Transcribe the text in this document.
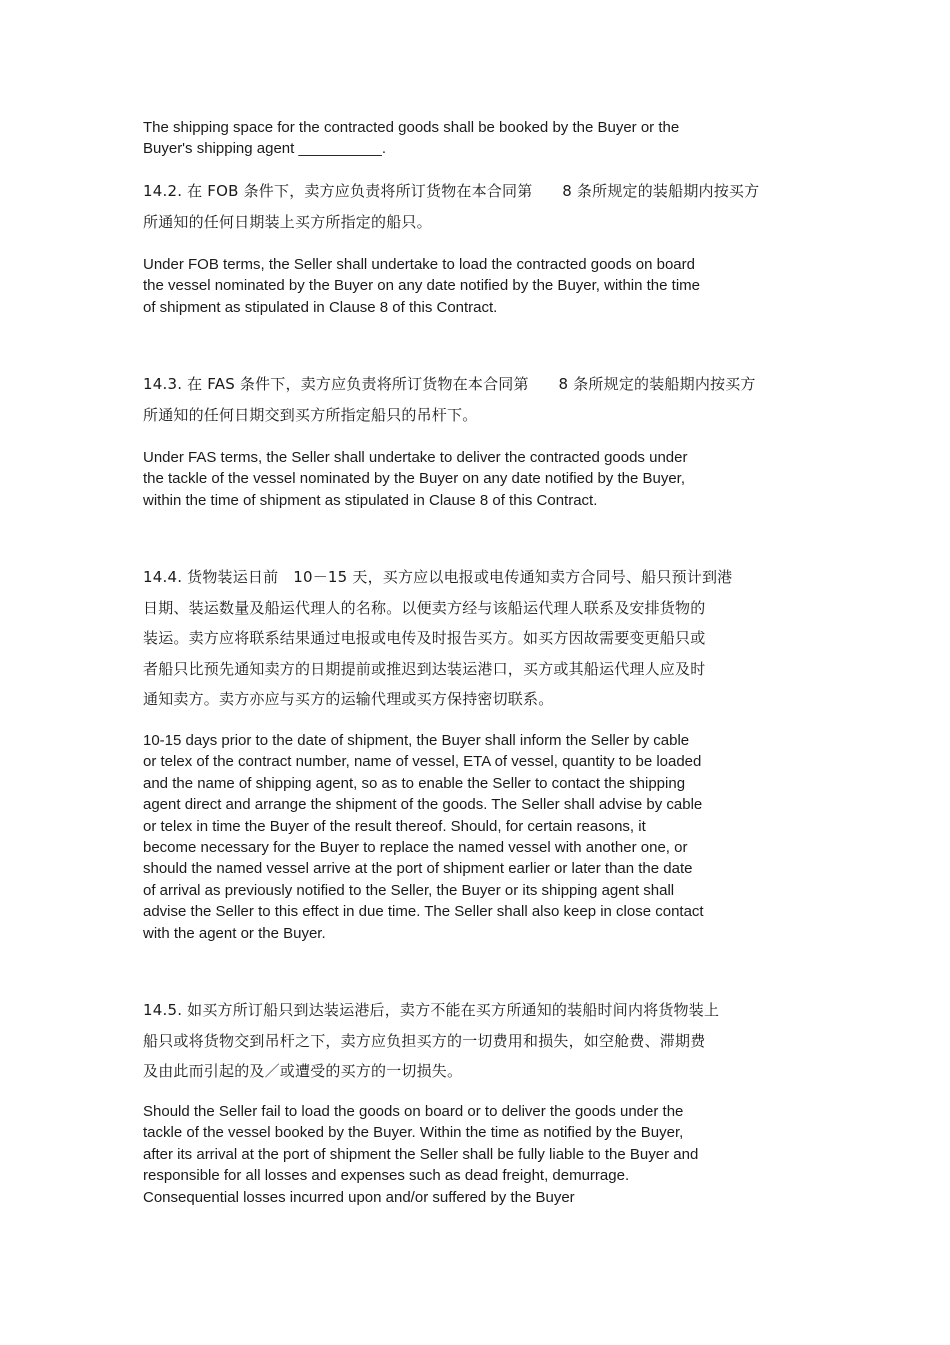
The shipping space for the contracted goods shall be booked by the Buyer or the
Buyer's shipping agent __________.

14.2. 在 FOB 条件下，卖方应负责将所订货物在本合同第      8 条所规定的装船期内按买方
所通知的任何日期装上买方所指定的船只。

Under FOB terms, the Seller shall undertake to load the contracted goods on board
the vessel nominated by the Buyer on any date notified by the Buyer, within the time
of shipment as stipulated in Clause 8 of this Contract.

14.3. 在 FAS 条件下，卖方应负责将所订货物在本合同第      8 条所规定的装船期内按买方
所通知的任何日期交到买方所指定船只的吊杆下。

Under FAS terms, the Seller shall undertake to deliver the contracted goods under
the tackle of the vessel nominated by the Buyer on any date notified by the Buyer,
within the time of shipment as stipulated in Clause 8 of this Contract.

14.4. 货物装运日前   10－15 天，买方应以电报或电传通知卖方合同号、船只预计到港
日期、装运数量及船运代理人的名称。以便卖方经与该船运代理人联系及安排货物的
装运。卖方应将联系结果通过电报或电传及时报告买方。如买方因故需要变更船只或
者船只比预先通知卖方的日期提前或推迟到达装运港口，买方或其船运代理人应及时
通知卖方。卖方亦应与买方的运输代理或买方保持密切联系。

10-15 days prior to the date of shipment, the Buyer shall inform the Seller by cable
or telex of the contract number, name of vessel, ETA of vessel, quantity to be loaded
and the name of shipping agent, so as to enable the Seller to contact the shipping
agent direct and arrange the shipment of the goods. The Seller shall advise by cable
or telex in time the Buyer of the result thereof. Should, for certain reasons, it
become necessary for the Buyer to replace the named vessel with another one, or
should the named vessel arrive at the port of shipment earlier or later than the date
of arrival as previously notified to the Seller, the Buyer or its shipping agent shall
advise the Seller to this effect in due time. The Seller shall also keep in close contact
with the agent or the Buyer.

14.5. 如买方所订船只到达装运港后，卖方不能在买方所通知的装船时间内将货物装上
船只或将货物交到吊杆之下，卖方应负担买方的一切费用和损失，如空舱费、滞期费
及由此而引起的及／或遭受的买方的一切损失。

Should the Seller fail to load the goods on board or to deliver the goods under the
tackle of the vessel booked by the Buyer. Within the time as notified by the Buyer,
after its arrival at the port of shipment the Seller shall be fully liable to the Buyer and
responsible for all losses and expenses such as dead freight, demurrage.
Consequential losses incurred upon and/or suffered by the Buyer
